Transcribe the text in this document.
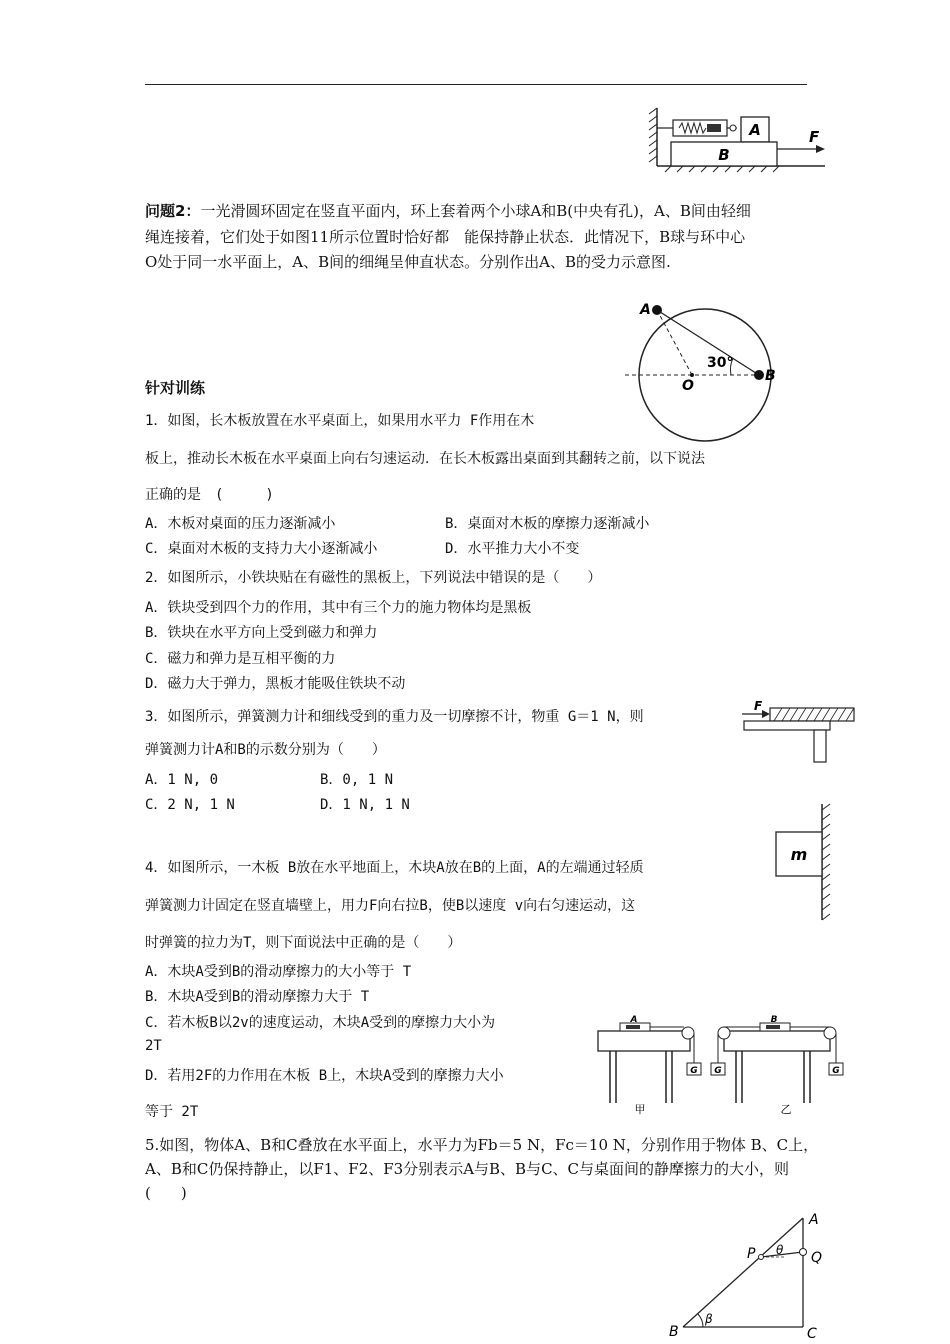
A
B
F
问题2：一光滑圆环固定在竖直平面内，环上套着两个小球A和B(中央有孔)，A、B间由轻细
绳连接着，它们处于如图11所示位置时恰好都　能保持静止状态．此情况下，B球与环中心
O处于同一水平面上，A、B间的细绳呈伸直状态。分别作出A、B的受力示意图.
A
B
O
30°
针对训练
1．如图，长木板放置在水平桌面上，如果用水平力 F作用在木
板上，推动长木板在水平桌面上向右匀速运动．在长木板露出桌面到其翻转之前，以下说法
正确的是　(　　　)
A．木板对桌面的压力逐渐减小	B．桌面对木板的摩擦力逐渐减小
C．桌面对木板的支持力大小逐渐减小	D．水平推力大小不变
2．如图所示，小铁块贴在有磁性的黑板上，下列说法中错误的是（　　）
A．铁块受到四个力的作用，其中有三个力的施力物体均是黑板
B．铁块在水平方向上受到磁力和弹力
C．磁力和弹力是互相平衡的力
D．磁力大于弹力，黑板才能吸住铁块不动
F
3．如图所示，弹簧测力计和细线受到的重力及一切摩擦不计，物重 G＝1 N，则
弹簧测力计A和B的示数分别为（　　）
A．1 N, 0	B．0, 1 N
C．2 N, 1 N	D．1 N, 1 N
m
4．如图所示，一木板 B放在水平地面上，木块A放在B的上面，A的左端通过轻质
弹簧测力计固定在竖直墙壁上，用力F向右拉B，使B以速度 v向右匀速运动，这
时弹簧的拉力为T，则下面说法中正确的是（　　）
A．木块A受到B的滑动摩擦力的大小等于 T
B．木块A受到B的滑动摩擦力大于 T
C．若木板B以2v的速度运动，木块A受到的摩擦力大小为
2T
D．若用2F的力作用在木板 B上，木块A受到的摩擦力大小
等于 2T
A
G
甲
G	G
B
乙
5.如图，物体A、B和C叠放在水平面上，水平力为Fb＝5 N，Fc＝10 N，分别作用于物体 B、C上，
A、B和C仍保持静止，以F1、F2、F3分别表示A与B、B与C、C与桌面间的静摩擦力的大小，则
(　　)
A
B	C
P	Q
θ
β
